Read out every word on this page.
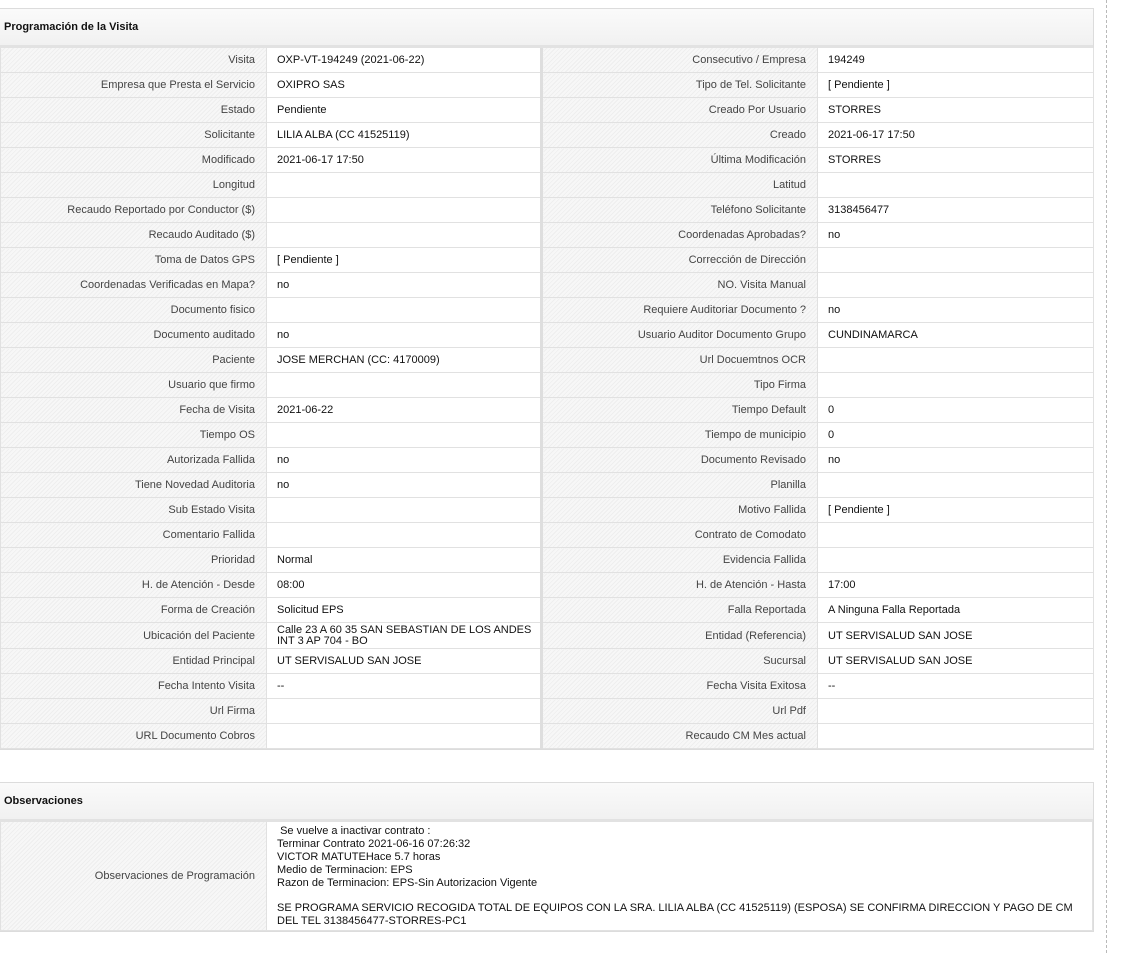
Programación de la Visita
Visita	OXP-VT-194249 (2021-06-22)	Consecutivo / Empresa	194249
Empresa que Presta el Servicio	OXIPRO SAS	Tipo de Tel. Solicitante	[ Pendiente ]
Estado	Pendiente	Creado Por Usuario	STORRES
Solicitante	LILIA ALBA (CC 41525119)	Creado	2021-06-17 17:50
Modificado	2021-06-17 17:50	Última Modificación	STORRES
Longitud		Latitud	
Recaudo Reportado por Conductor ($)		Teléfono Solicitante	3138456477
Recaudo Auditado ($)		Coordenadas Aprobadas?	no
Toma de Datos GPS	[ Pendiente ]	Corrección de Dirección	
Coordenadas Verificadas en Mapa?	no	NO. Visita Manual	
Documento fisico		Requiere Auditoriar Documento ?	no
Documento auditado	no	Usuario Auditor Documento Grupo	CUNDINAMARCA
Paciente	JOSE MERCHAN (CC: 4170009)	Url Docuemtnos OCR	
Usuario que firmo		Tipo Firma	
Fecha de Visita	2021-06-22	Tiempo Default	0
Tiempo OS		Tiempo de municipio	0
Autorizada Fallida	no	Documento Revisado	no
Tiene Novedad Auditoria	no	Planilla	
Sub Estado Visita		Motivo Fallida	[ Pendiente ]
Comentario Fallida		Contrato de Comodato	
Prioridad	Normal	Evidencia Fallida	
H. de Atención - Desde	08:00	H. de Atención - Hasta	17:00
Forma de Creación	Solicitud EPS	Falla Reportada	A Ninguna Falla Reportada
Ubicación del Paciente	Calle 23 A 60 35 SAN SEBASTIAN DE LOS ANDES INT 3 AP 704 - BO	Entidad (Referencia)	UT SERVISALUD SAN JOSE
Entidad Principal	UT SERVISALUD SAN JOSE	Sucursal	UT SERVISALUD SAN JOSE
Fecha Intento Visita	--	Fecha Visita Exitosa	--
Url Firma		Url Pdf	
URL Documento Cobros		Recaudo CM Mes actual	
Observaciones
Observaciones de Programación	
Se vuelve a inactivar contrato :
Terminar Contrato 2021-06-16 07:26:32
VICTOR MATUTEHace 5.7 horas
Medio de Terminacion: EPS
Razon de Terminacion: EPS-Sin Autorizacion Vigente
SE PROGRAMA SERVICIO RECOGIDA TOTAL DE EQUIPOS CON LA SRA. LILIA ALBA (CC 41525119) (ESPOSA) SE CONFIRMA DIRECCION Y PAGO DE CM DEL TEL 3138456477-STORRES-PC1
